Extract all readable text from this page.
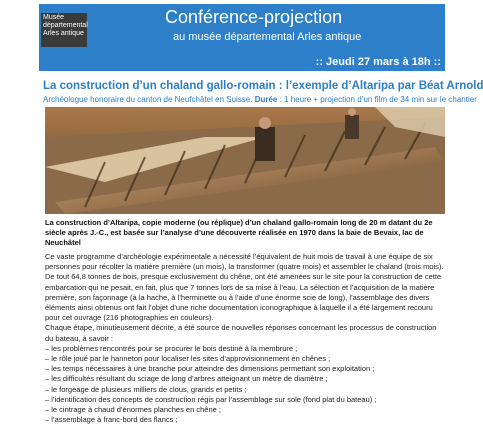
Musée
départemental
Arles antique
Conférence-projection
au musée départemental Arles antique
:: Jeudi 27 mars à 18h ::
La construction d’un chaland gallo-romain : l’exemple d’Altaripa par Béat Arnold
Archéologue honoraire du canton de Neufchâtel en Suisse. Durée : 1 heure + projection d’un film de 34 min sur le chantier
La construction d’Altaripa, copie moderne (ou réplique) d’un chaland gallo-romain long de 20 m datant du 2e siècle après J.-C., est basée sur l’analyse d’une découverte réalisée en 1970 dans la baie de Bevaix, lac de Neuchâtel

Ce vaste programme d’archéologie expérimentale a nécessité l’équivalent de huit mois de travail à une équipe de six personnes pour récolter la matière première (un mois), la transformer (quatre mois) et assembler le chaland (trois mois). De tout 64,8 tonnes de bois, presque exclusivement du chêne, ont été amenées sur le site pour la construction de cette embarcation qui ne pesait, en fait, plus que 7 tonnes lors de sa mise à l’eau. La sélection et l’acquisition de la matière première, son façonnage (à la hache, à l’herminette ou à l’aide d’une énorme scie de long), l’assemblage des divers éléments ainsi obtenus ont fait l’objet d’une riche documentation iconographique à laquelle il a été largement recouru pour cet ouvrage (216 photographies en couleurs).

Chaque étape, minutieusement décrite, a été source de nouvelles réponses concernant les processus de construction du bateau, à savoir :

– les problèmes rencontrés pour se procurer le bois destiné à la membrure ;

– le rôle joué par le hanneton pour localiser les sites d’approvisionnement en chênes ;

– les temps nécessaires à une branche pour atteindre des dimensions permettant son exploitation ;

– les difficultés résultant du sciage de long d’arbres atteignant un mètre de diamètre ;

– le forgeage de plusieurs milliers de clous, grands et petits ;

– l’identification des concepts de construction régis par l’assemblage sur sole (fond plat du bateau) ;

– le cintrage à chaud d’énormes planches en chêne ;

– l’assemblage à franc-bord des flancs ;
